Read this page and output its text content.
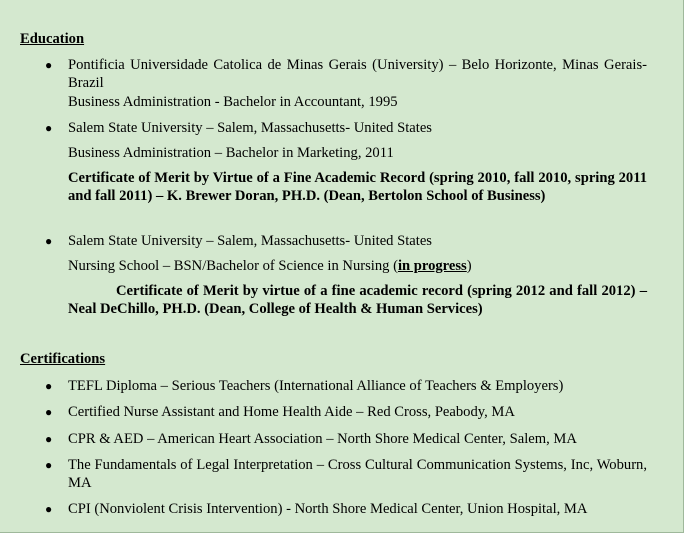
Education
● Pontificia Universidade Catolica de Minas Gerais (University) – Belo Horizonte, Minas Gerais- Brazil
Business Administration - Bachelor in Accountant, 1995
● Salem State University – Salem, Massachusetts- United States
Business Administration – Bachelor in Marketing, 2011
Certificate of Merit by Virtue of a Fine Academic Record (spring 2010, fall 2010, spring 2011 and fall 2011) – K. Brewer Doran, PH.D. (Dean, Bertolon School of Business)
● Salem State University – Salem, Massachusetts- United States
Nursing School – BSN/Bachelor of Science in Nursing (in progress)
Certificate of Merit by virtue of a fine academic record (spring 2012 and fall 2012) – Neal DeChillo, PH.D. (Dean, College of Health & Human Services)
Certifications
● TEFL Diploma – Serious Teachers (International Alliance of Teachers & Employers)
● Certified Nurse Assistant and Home Health Aide – Red Cross, Peabody, MA
● CPR & AED – American Heart Association – North Shore Medical Center, Salem, MA
● The Fundamentals of Legal Interpretation – Cross Cultural Communication Systems, Inc, Woburn, MA
● CPI (Nonviolent Crisis Intervention) - North Shore Medical Center, Union Hospital, MA
